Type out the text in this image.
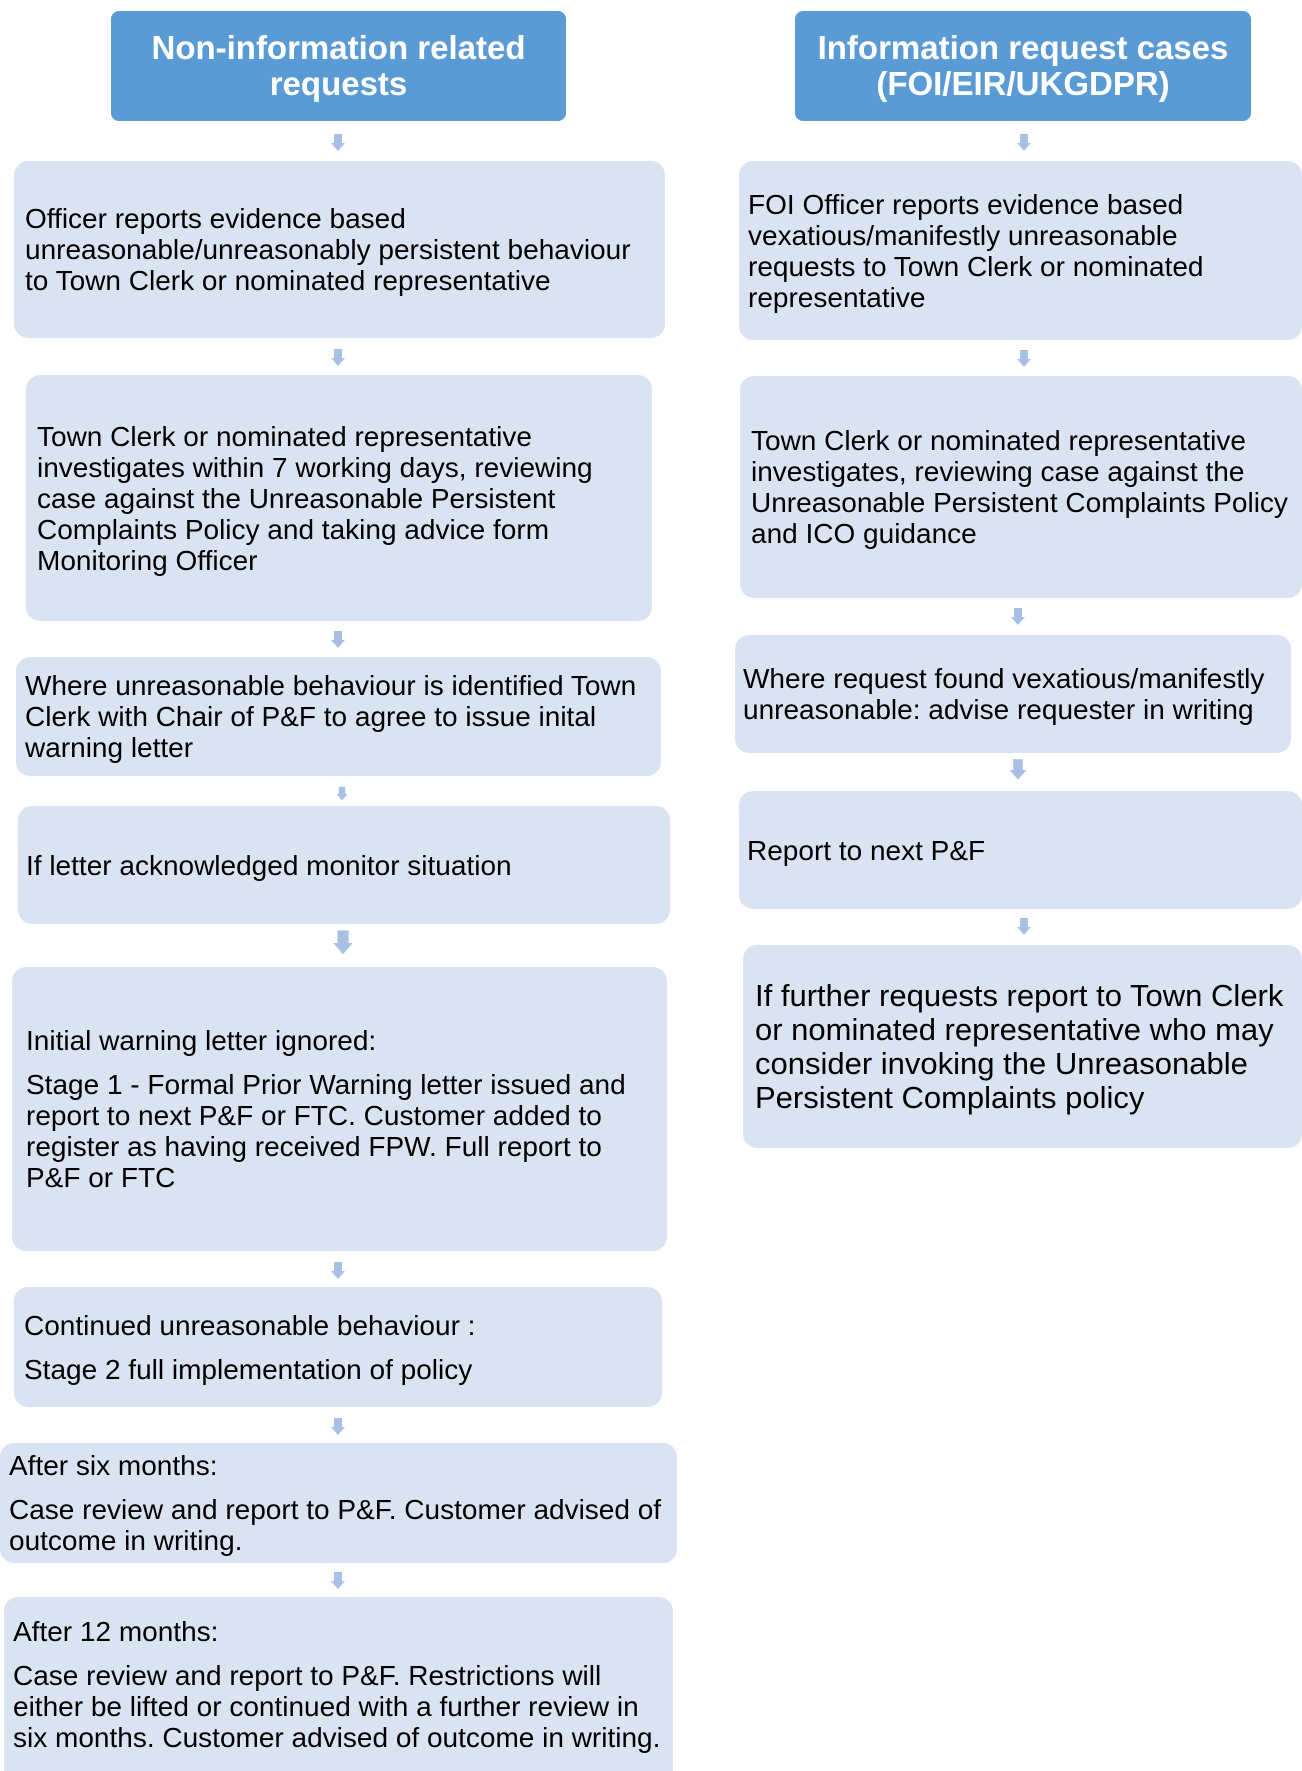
Non-information related requests
Information request cases (FOI/EIR/UKGDPR)

Officer reports evidence based unreasonable/unreasonably persistent behaviour to Town Clerk or nominated representative

Town Clerk or nominated representative investigates within 7 working days, reviewing case against the Unreasonable Persistent Complaints Policy and taking advice form Monitoring Officer

Where unreasonable behaviour is identified Town Clerk with Chair of P&F to agree to issue inital warning letter

If letter acknowledged monitor situation

Initial warning letter ignored:

Stage 1 - Formal Prior Warning letter issued and report to next P&F or FTC. Customer added to register as having received FPW. Full report to P&F or FTC

Continued unreasonable behaviour :

Stage 2 full implementation of policy

After six months:

Case review and report to P&F. Customer advised of outcome in writing.

After 12 months:

Case review and report to P&F. Restrictions will either be lifted or continued with a further review in six months. Customer advised of outcome in writing.

FOI Officer reports evidence based vexatious/manifestly unreasonable requests to Town Clerk or nominated representative

Town Clerk or nominated representative investigates, reviewing case against the Unreasonable Persistent Complaints Policy and ICO guidance

Where request found vexatious/manifestly unreasonable: advise requester in writing

Report to next P&F

If further requests report to Town Clerk or nominated representative who may consider invoking the Unreasonable Persistent Complaints policy
